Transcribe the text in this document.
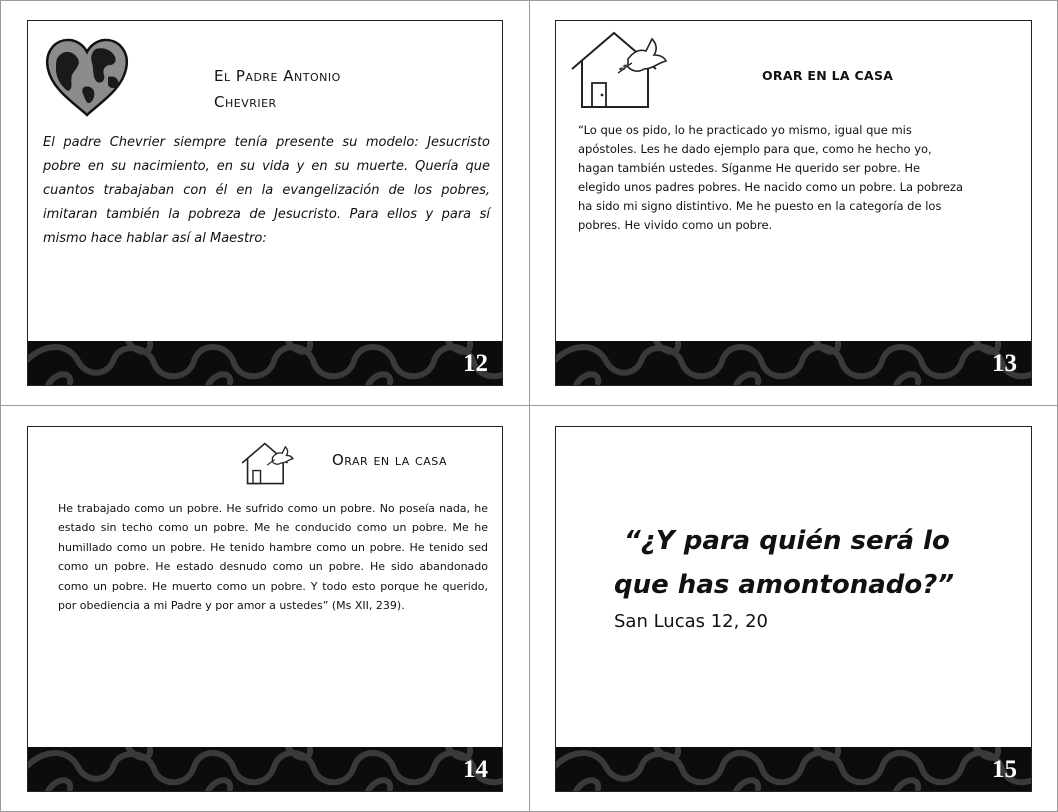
El Padre Antonio
Chevrier
El padre Chevrier siempre tenía presente su modelo: Jesucristo pobre en su nacimiento, en su vida y en su muerte. Quería que cuantos trabajaban con él en la evangelización de los pobres, imitaran también la pobreza de Jesucristo. Para ellos y para sí mismo hace hablar así al Maestro:
12
ORAR EN LA CASA
“Lo que os pido, lo he practicado yo mismo, igual que mis apóstoles. Les he dado ejemplo para que, como he hecho yo, hagan también ustedes. Síganme He querido ser pobre. He elegido unos padres pobres. He nacido como un pobre. La pobreza ha sido mi signo distintivo. Me he puesto en la categoría de los pobres. He vivido como un pobre.
13
Orar en la casa
He trabajado como un pobre. He sufrido como un pobre. No poseía nada, he estado sin techo como un pobre. Me he conducido como un pobre. Me he humillado como un pobre. He tenido hambre como un pobre. He tenido sed como un pobre. He estado desnudo como un pobre. He sido abandonado como un pobre. He muerto como un pobre. Y todo esto porque he querido, por obediencia a mi Padre y por amor a ustedes” (Ms XII, 239).
14
“¿Y para quién será lo
que has amontonado?”
San Lucas 12, 20
15
